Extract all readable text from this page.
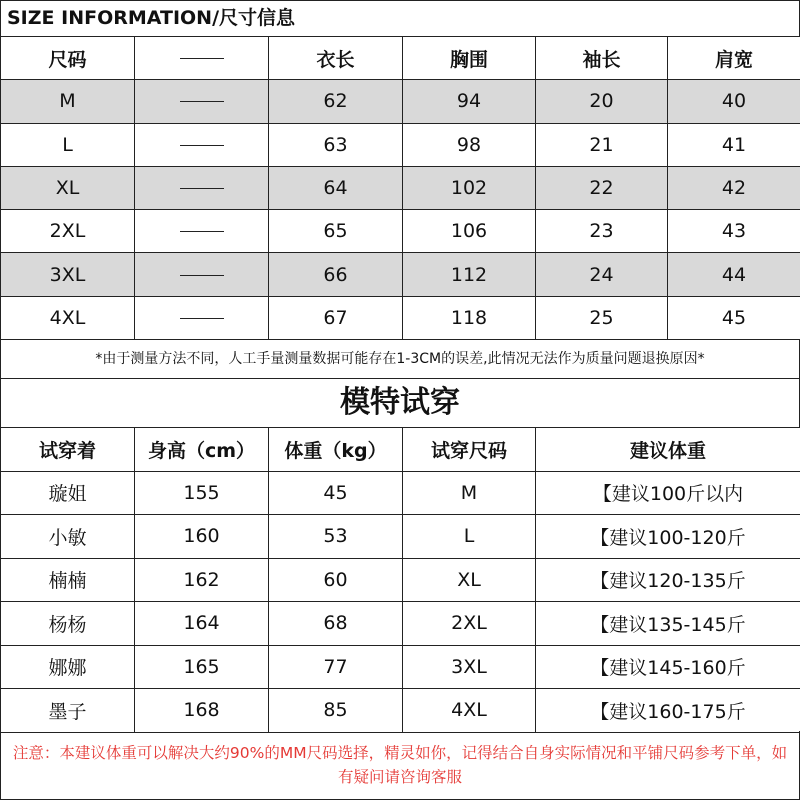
SIZE INFORMATION/尺寸信息
尺码		衣长	胸围	袖长	肩宽
M		62	94	20	40
L		63	98	21	41
XL		64	102	22	42
2XL		65	106	23	43
3XL		66	112	24	44
4XL		67	118	25	45
*由于测量方法不同，人工手量测量数据可能存在1-3CM的误差,此情况无法作为质量问题退换原因*
模特试穿
试穿着	身高（cm）	体重（kg）	试穿尺码	建议体重
璇姐	155	45	M	【建议100斤以内
小敏	160	53	L	【建议100-120斤
楠楠	162	60	XL	【建议120-135斤
杨杨	164	68	2XL	【建议135-145斤
娜娜	165	77	3XL	【建议145-160斤
墨子	168	85	4XL	【建议160-175斤
注意：本建议体重可以解决大约90%的MM尺码选择，精灵如你，记得结合自身实际情况和平铺尺码参考下单，如有疑问请咨询客服
